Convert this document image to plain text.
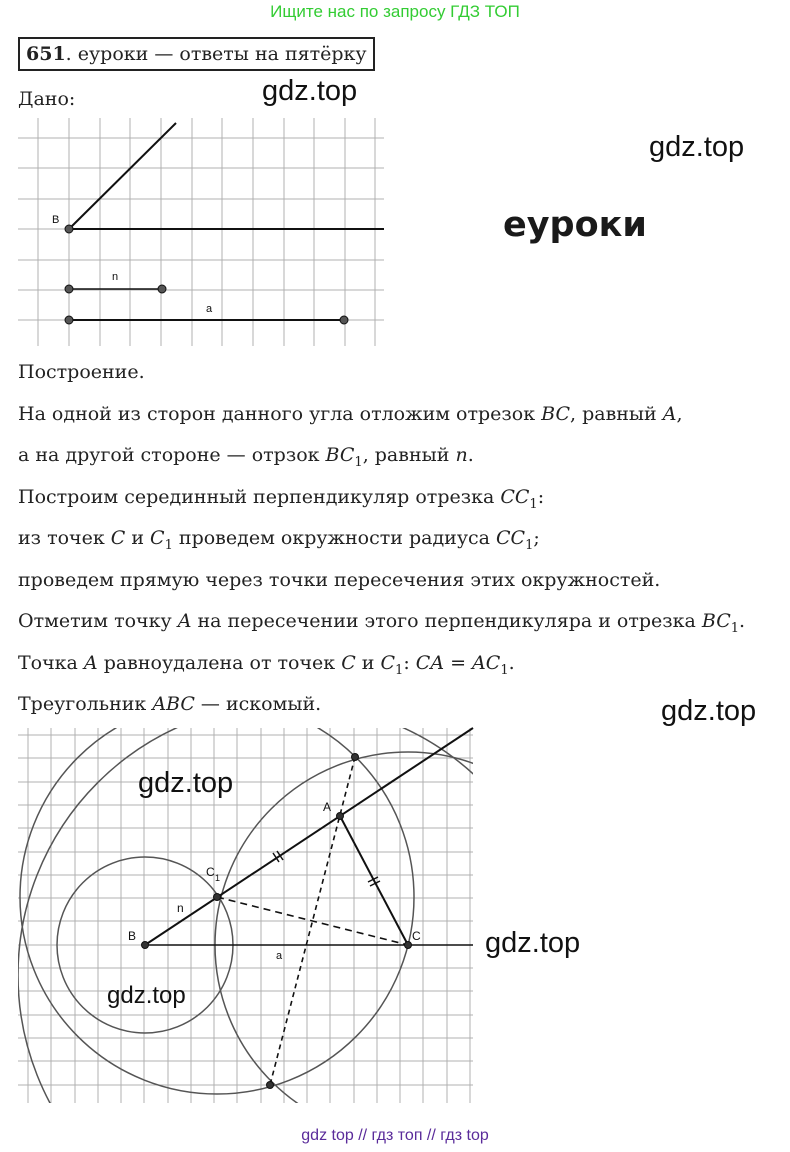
Ищите нас по запросу ГДЗ ТОП
651. еуроки — ответы на пятёрку
Дано:
B
n
a
gdz.top
gdz.top
еуроки
Построение.
На одной из сторон данного угла отложим отрезок BC, равный A,
а на другой стороне — отрзок $BC_1$, равный n.
Построим серединный перпендикуляр отрезка $CC_1$:
из точек C и $C_1$ проведем окружности радиуса $CC_1$;
проведем прямую через точки пересечения этих окружностей.
Отметим точку A на пересечении этого перпендикуляра и отрезка $BC_1$.
Точка A равноудалена от точек C и $C_1$: CA = $AC_1$.
Треугольник ABC — искомый.	gdz.top
A
B	C
C 1
n
a
gdz.top
gdz.top
gdz.top
gdz top // гдз топ // гдз top
